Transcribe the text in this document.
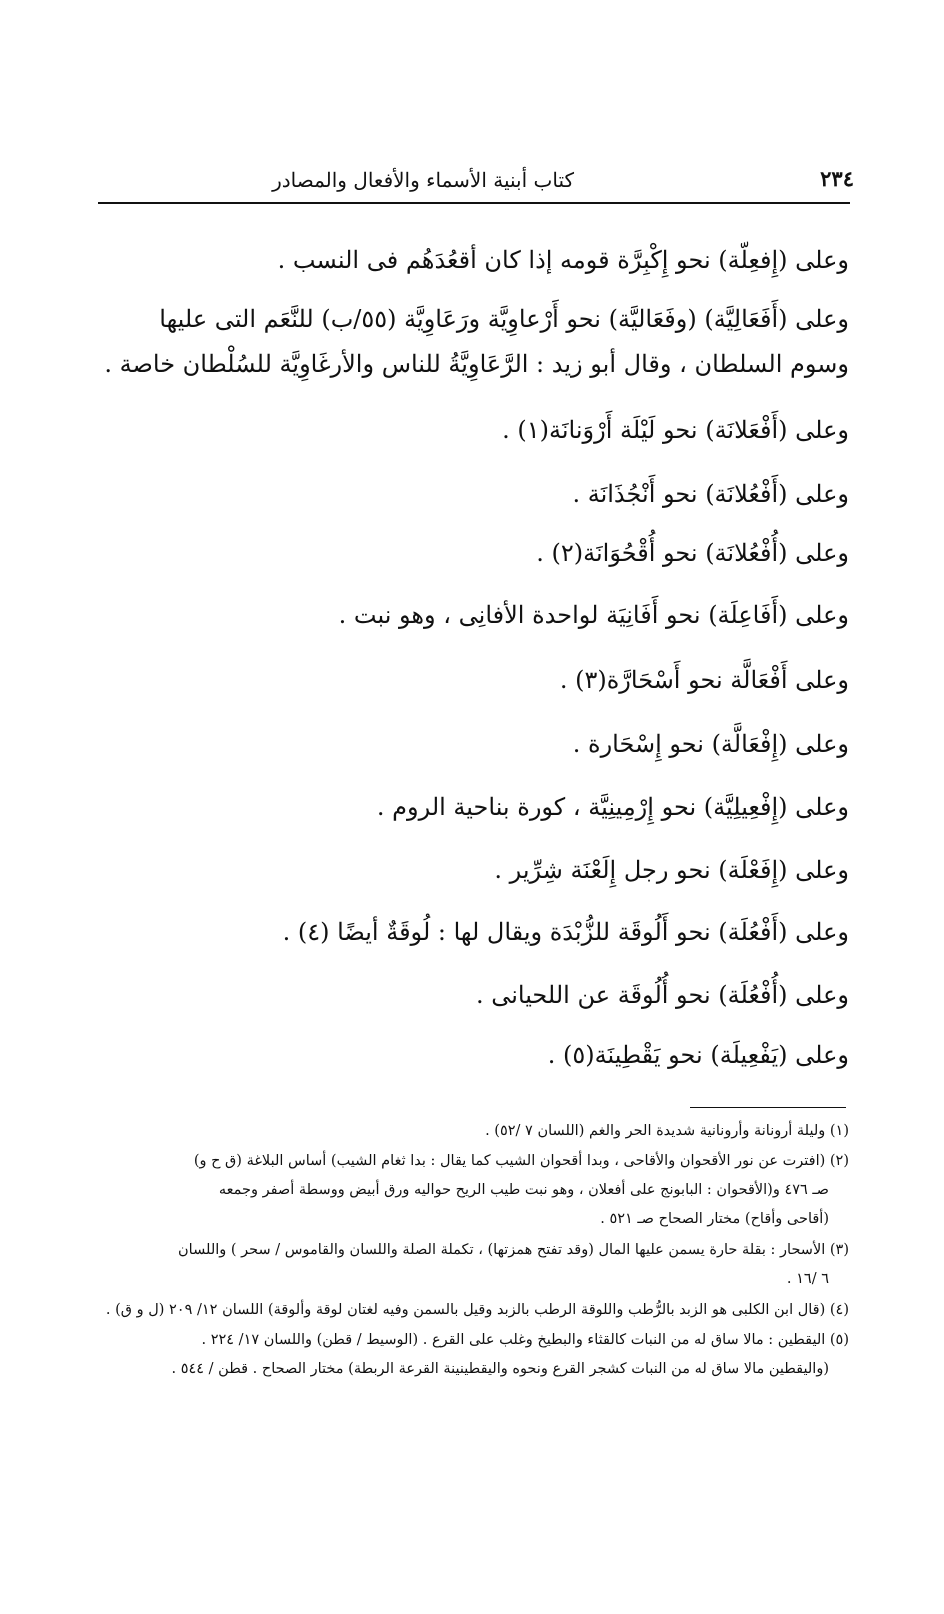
كتاب أبنية الأسماء والأفعال والمصادر	٢٣٤
وعلى (إِفعِلّة) نحو إِكْبِرَّة قومه إذا كان أقعُدَهُم فى النسب .
وعلى (أَفَعَالِيَّة) (وفَعَاليَّة) نحو أَرْعاوِيَّة ورَعَاوِيَّة (٥٥/ب) للنَّعَم التى عليها
وسوم السلطان ، وقال أبو زيد : الرَّعَاوِيَّةُ للناس والأرغَاوِيَّة للسُلْطان خاصة .
وعلى (أَفْعَلانَة) نحو لَيْلَة أَرْوَنانَة(١) .
وعلى (أَفْعُلانَة) نحو أَنْجُذَانَة .
وعلى (أُفْعُلانَة) نحو أُقْحُوَانَة(٢) .
وعلى (أَفَاعِلَة) نحو أَفَانِيَة لواحدة الأفانِى ، وهو نبت .
وعلى أَفْعَالَّة نحو أَسْحَارَّة(٣) .
وعلى (إِفْعَالَّة) نحو إِسْحَارة .
وعلى (إِفْعِيلِيَّة) نحو إِرْمِينِيَّة ، كورة بناحية الروم .
وعلى (إِفَعْلَة) نحو رجل إِلَعْنَة شِرِّير .
وعلى (أَفْعُلَة) نحو أَلُوقَة للزُّبْدَة ويقال لها : لُوقَةٌ أيضًا (٤) .
وعلى (أُفْعُلَة) نحو أُلُوقَة عن اللحيانى .
وعلى (يَفْعِيلَة) نحو يَقْطِينَة(٥) .
(١) وليلة أرونانة وأرونانية شديدة الحر والغم (اللسان ٧ /٥٢) .
(٢) (افترت عن نور الأقحوان والأقاحى ، وبدا أقحوان الشيب كما يقال : بدا ثغام الشيب) أساس البلاغة (ق ح و)
صـ ٤٧٦ و(الأقحوان : البابونج على أفعلان ، وهو نبت طيب الريح حواليه ورق أبيض ووسطة أصفر وجمعه
(أقاحى وأقاح) مختار الصحاح صـ ٥٢١ .
(٣) الأسحار : بقلة حارة يسمن عليها المال (وقد تفتح همزتها) ، تكملة الصلة واللسان والقاموس / سحر ) واللسان
٦ /١٦ .
(٤) (قال ابن الكلبى هو الزبد بالرُّطب واللوقة الرطب بالزبد وقيل بالسمن وفيه لغتان لوقة وألوقة) اللسان ١٢/ ٢٠٩ (ل و ق) .
(٥) اليقطين : مالا ساق له من النبات كالقثاء والبطيخ وغلب على القرع . (الوسيط / قطن) واللسان ١٧/ ٢٢٤ .
(واليقطين مالا ساق له من النبات كشجر القرع ونحوه واليقطينينة القرعة الربطة) مختار الصحاح . قطن / ٥٤٤ .
